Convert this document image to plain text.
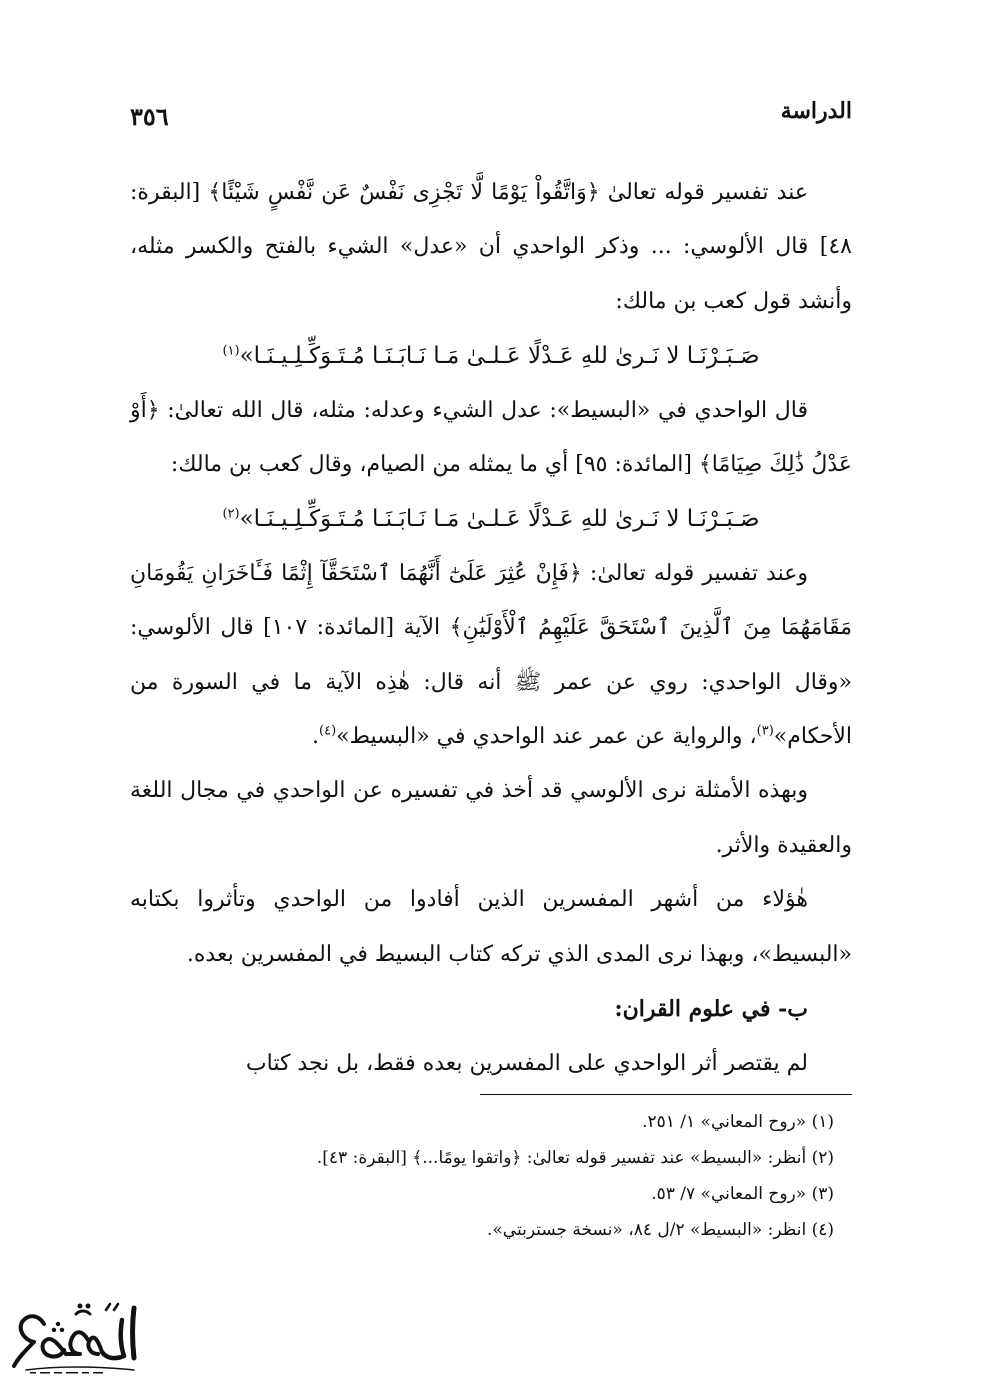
الدراسة
٣٥٦

عند تفسير قوله تعالىٰ ﴿وَاتَّقُواْ يَوْمًا لَّا تَجْزِى نَفْسٌ عَن نَّفْسٍ شَيْئًا﴾ [البقرة: ٤٨] قال الألوسي: ... وذكر الواحدي أن «عدل» الشيء بالفتح والكسر مثله، وأنشد قول كعب بن مالك:

صَـبَـرْنَـا لا نَـرىٰ للهِ عَـدْلًا عَـلـىٰ مَـا نَـابَـنَـا مُـتَـوَكِّـلِـيـنَـا»$^{(١)}$

قال الواحدي في «البسيط»: عدل الشيء وعدله: مثله، قال الله تعالىٰ: ﴿أَوْ عَدْلُ ذَٰلِكَ صِيَامًا﴾ [المائدة: ٩٥] أي ما يمثله من الصيام، وقال كعب بن مالك:

صَـبَـرْنَـا لا نَـرىٰ للهِ عَـدْلًا عَـلـىٰ مَـا نَـابَـنَـا مُـتَـوَكِّـلِـيـنَـا»$^{(٢)}$

وعند تفسير قوله تعالىٰ: ﴿فَإِنْ عُثِرَ عَلَىٰٓ أَنَّهُمَا ٱسْتَحَقَّآ إِثْمًا فَـَٔاخَرَانِ يَقُومَانِ مَقَامَهُمَا مِنَ ٱلَّذِينَ ٱسْتَحَقَّ عَلَيْهِمُ ٱلْأَوْلَيَٰنِ﴾ الآية [المائدة: ١٠٧] قال الألوسي: «وقال الواحدي: روي عن عمر ﷺ أنه قال: هٰذِه الآية ما في السورة من الأحكام»$^{(٣)}$، والرواية عن عمر عند الواحدي في «البسيط»$^{(٤)}$.

وبهذه الأمثلة نرى الألوسي قد أخذ في تفسيره عن الواحدي في مجال اللغة والعقيدة والأثر.

هٰؤلاء من أشهر المفسرين الذين أفادوا من الواحدي وتأثروا بكتابه «البسيط»، وبهذا نرى المدى الذي تركه كتاب البسيط في المفسرين بعده.

ب- في علوم القران:

لم يقتصر أثر الواحدي على المفسرين بعده فقط، بل نجد كتاب

(١) «روح المعاني» ١/ ٢٥١.

(٢) أنظر: «البسيط» عند تفسير قوله تعالىٰ: ﴿واتقوا يومًا...﴾ [البقرة: ٤٣].

(٣) «روح المعاني» ٧/ ٥٣.

(٤) انظر: «البسيط» ٢/ل ٨٤، «نسخة جستربتي».
